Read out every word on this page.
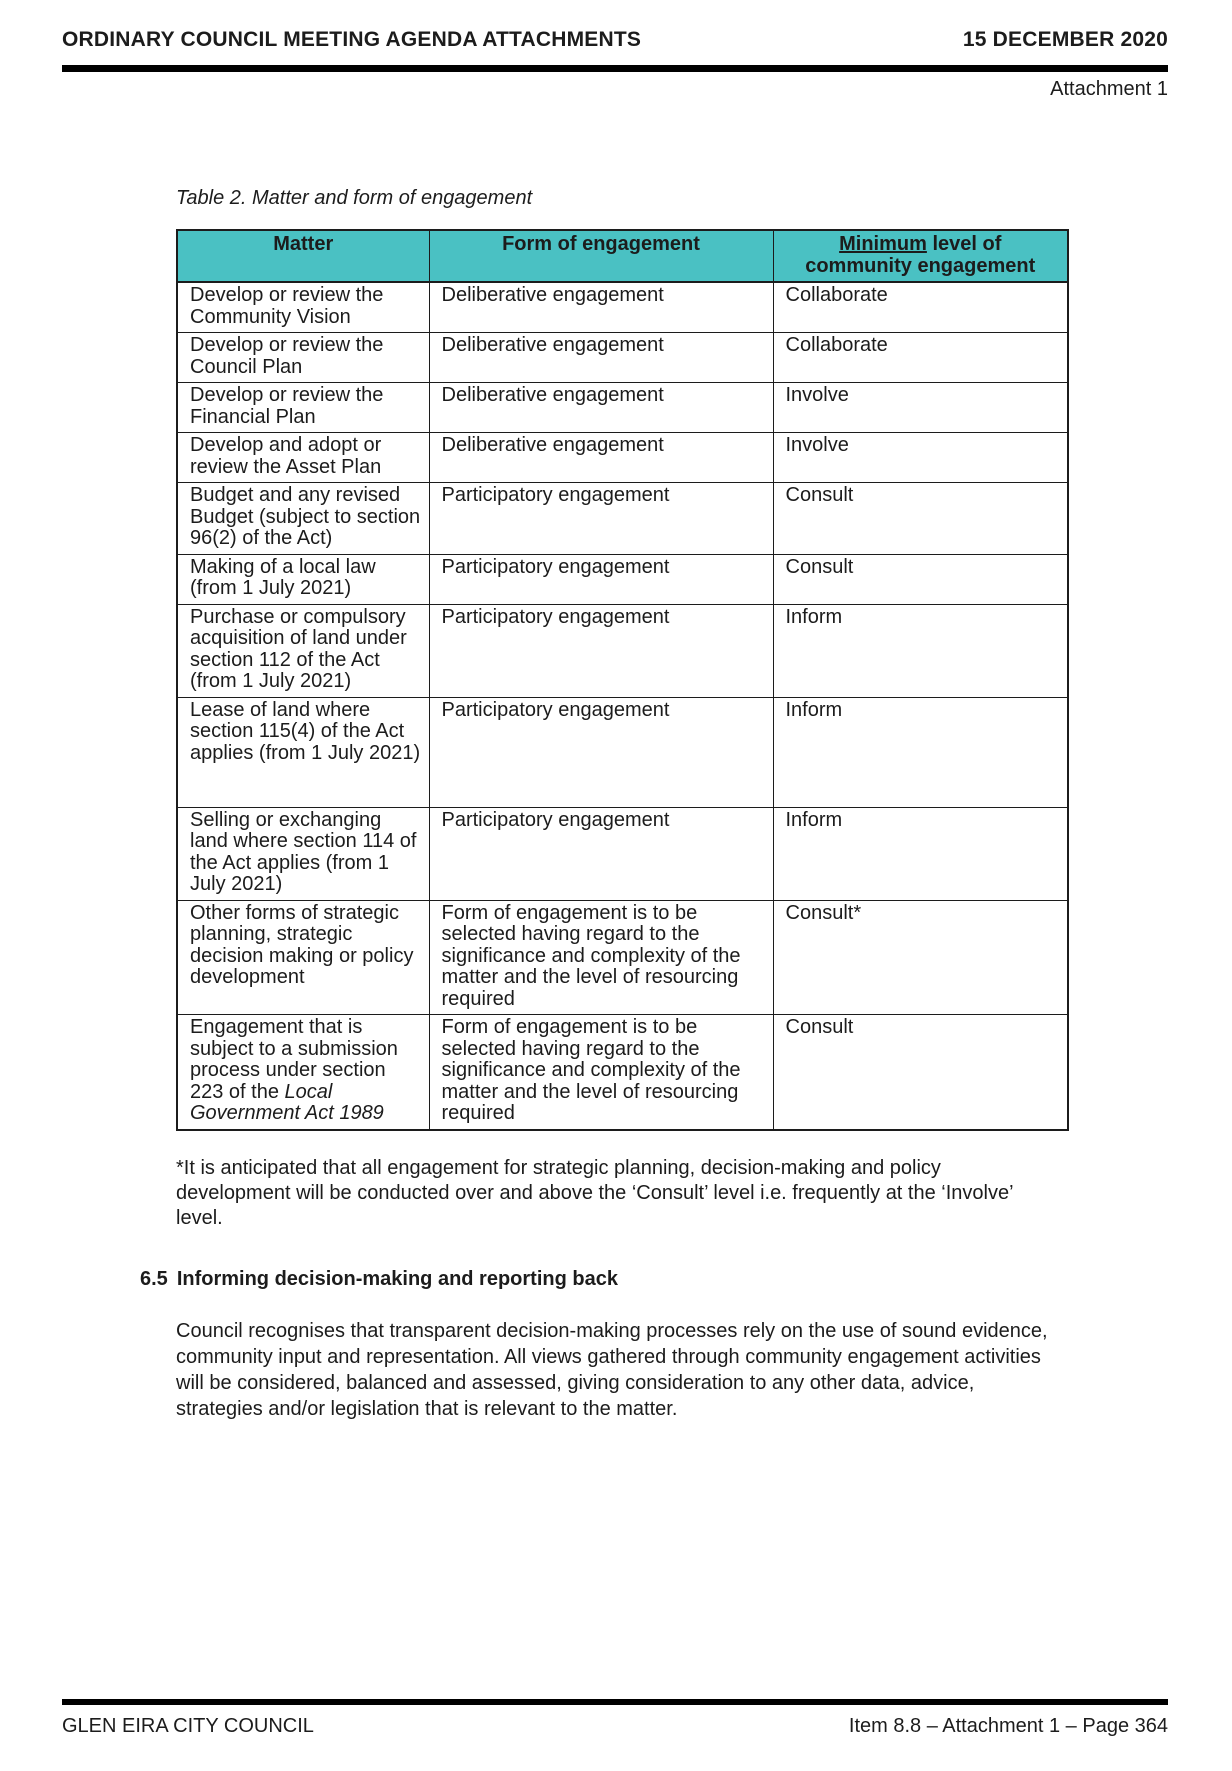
ORDINARY COUNCIL MEETING AGENDA ATTACHMENTS	15 DECEMBER 2020
Attachment 1
Table 2. Matter and form of engagement
Matter	Form of engagement	Minimum level of community engagement
Develop or review the Community Vision	Deliberative engagement	Collaborate
Develop or review the Council Plan	Deliberative engagement	Collaborate
Develop or review the Financial Plan	Deliberative engagement	Involve
Develop and adopt or review the Asset Plan	Deliberative engagement	Involve
Budget and any revised Budget (subject to section 96(2) of the Act)	Participatory engagement	Consult
Making of a local law (from 1 July 2021)	Participatory engagement	Consult
Purchase or compulsory acquisition of land under section 112 of the Act (from 1 July 2021)	Participatory engagement	Inform
Lease of land where section 115(4) of the Act applies (from 1 July 2021)	Participatory engagement	Inform
Selling or exchanging land where section 114 of the Act applies (from 1 July 2021)	Participatory engagement	Inform
Other forms of strategic planning, strategic decision making or policy development	Form of engagement is to be selected having regard to the significance and complexity of the matter and the level of resourcing required	Consult*
Engagement that is subject to a submission process under section 223 of the Local Government Act 1989	Form of engagement is to be selected having regard to the significance and complexity of the matter and the level of resourcing required	Consult

*It is anticipated that all engagement for strategic planning, decision-making and policy development will be conducted over and above the ‘Consult’ level i.e. frequently at the ‘Involve’ level.

6.5 Informing decision-making and reporting back

Council recognises that transparent decision-making processes rely on the use of sound evidence, community input and representation. All views gathered through community engagement activities will be considered, balanced and assessed, giving consideration to any other data, advice, strategies and/or legislation that is relevant to the matter.

GLEN EIRA CITY COUNCIL	Item 8.8 – Attachment 1 – Page 364
